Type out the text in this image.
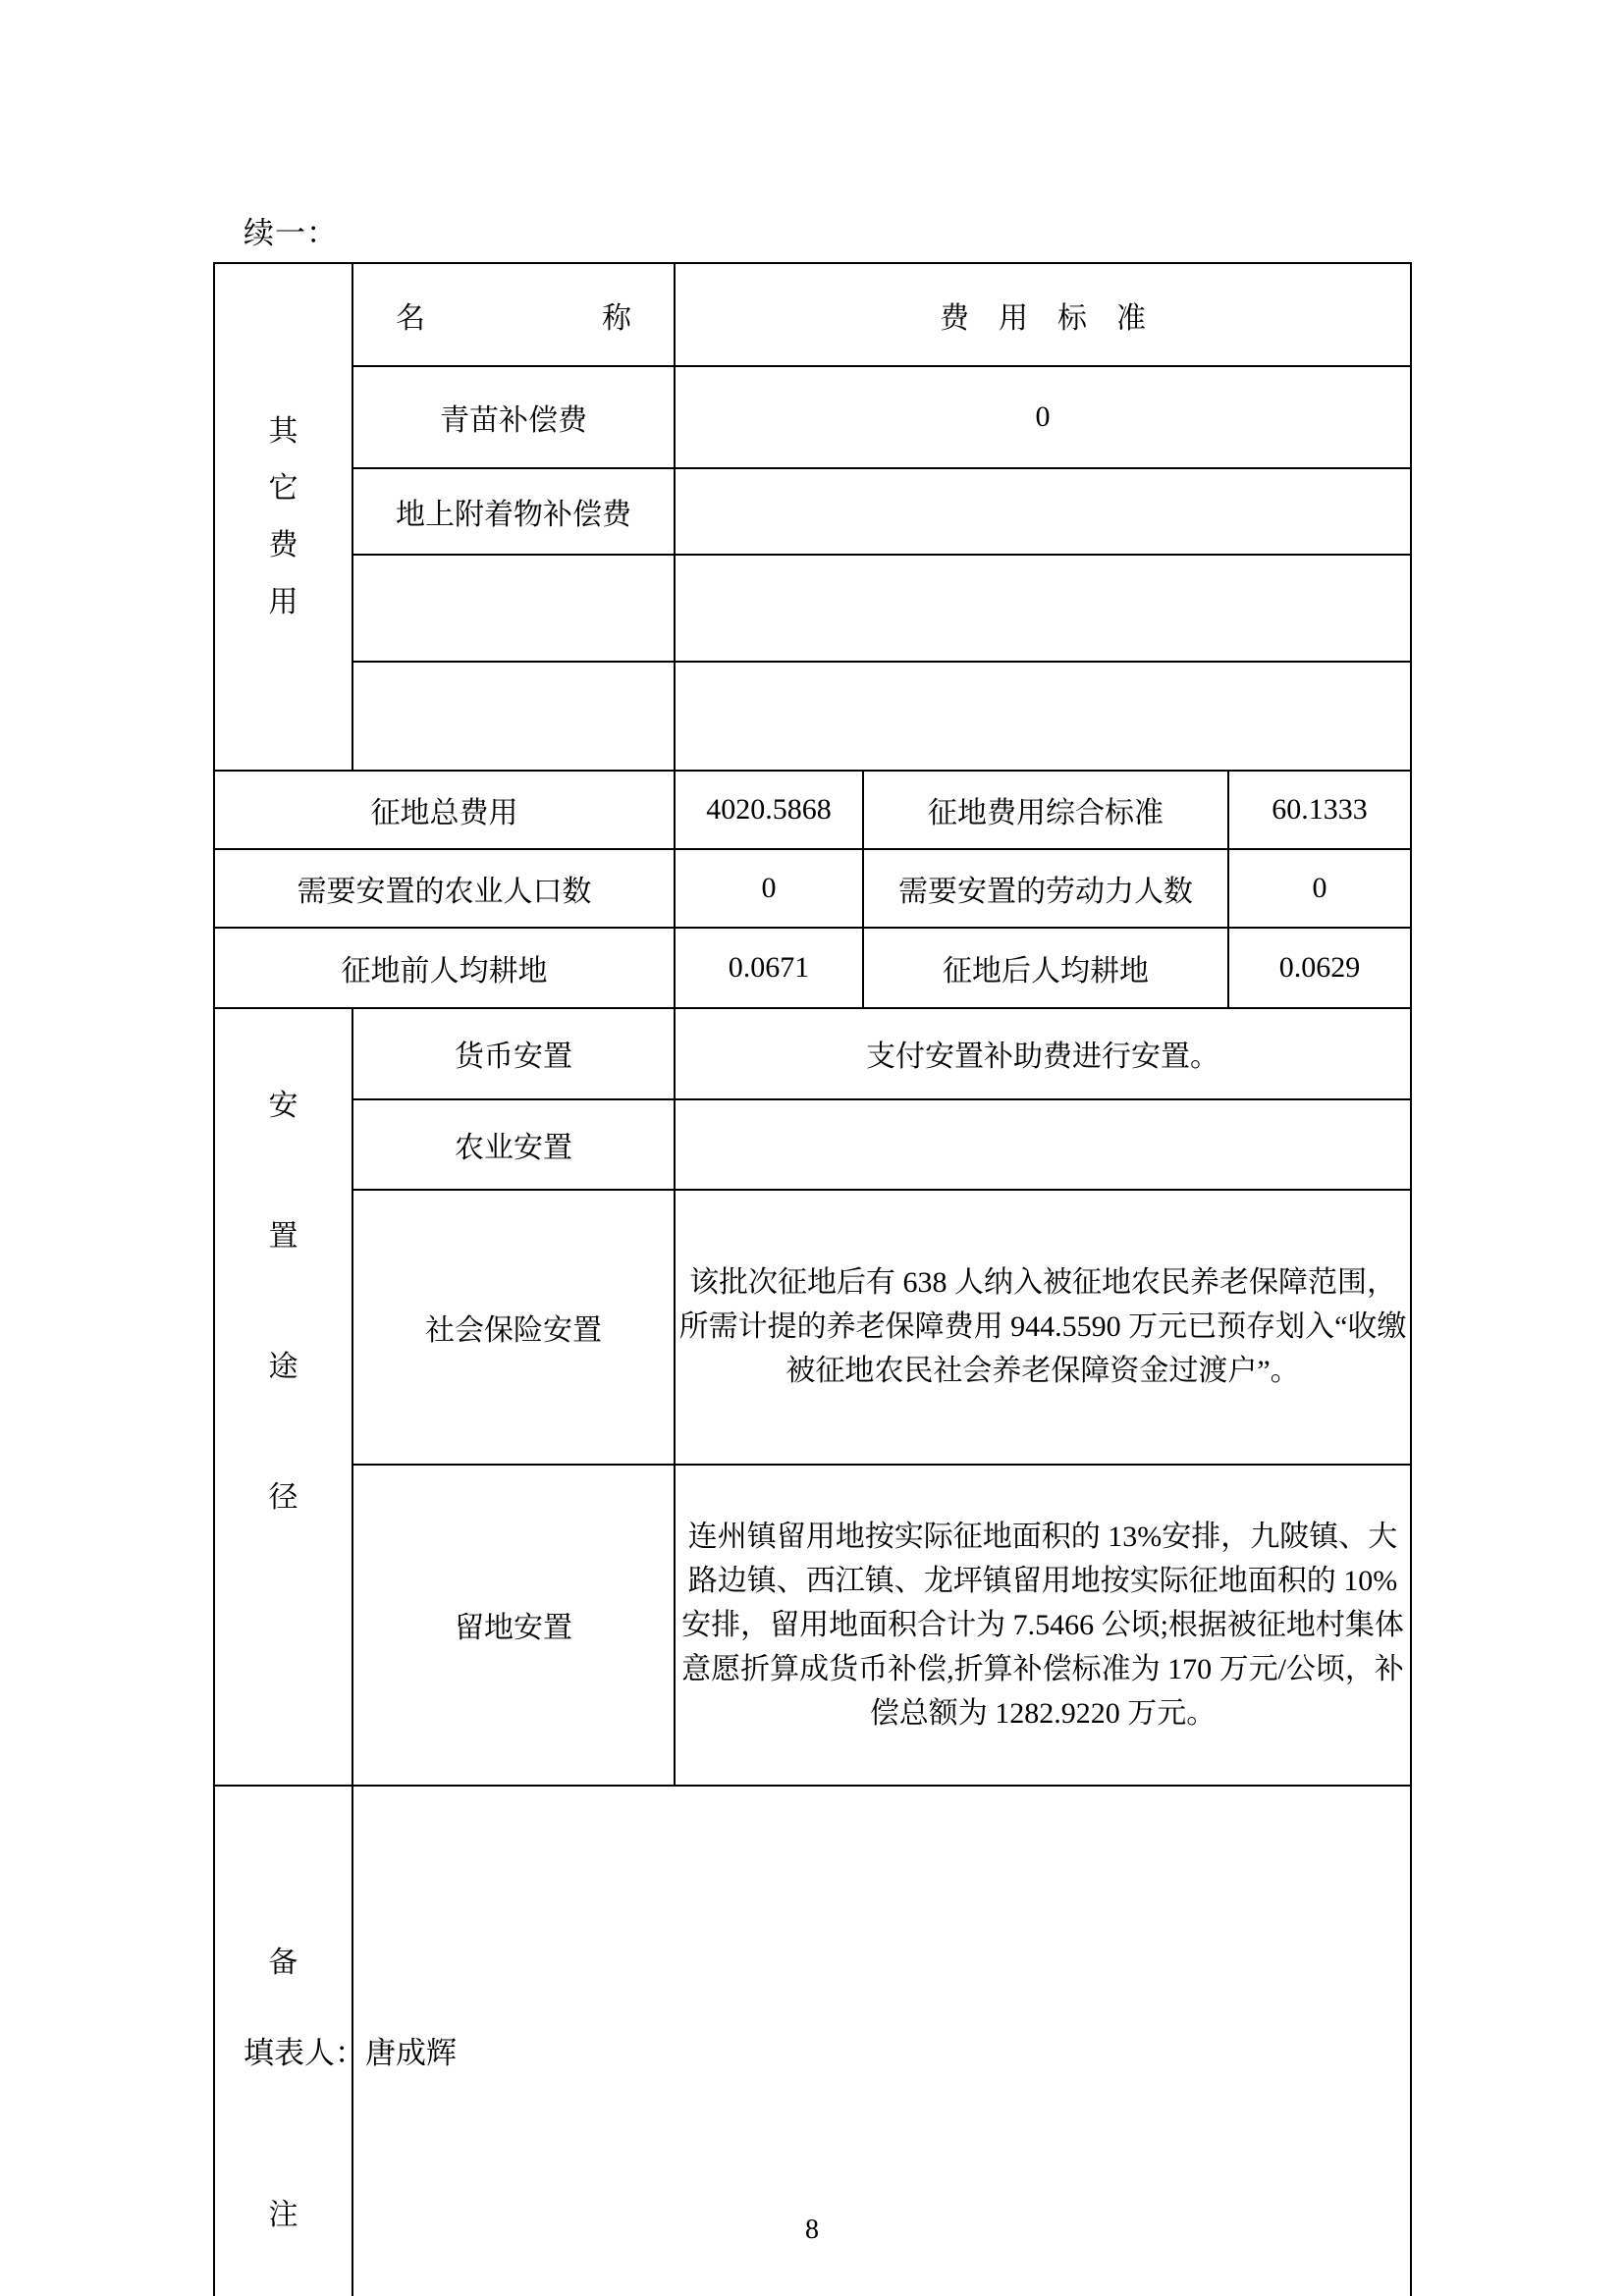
续一：

其
它
费
用	名　　　　　　称	费　用　标　准		
	青苗补偿费	0		
	地上附着物补偿费			

征地总费用		4020.5868	征地费用综合标准	60.1333
需要安置的农业人口数		0	需要安置的劳动力人数	0
征地前人均耕地		0.0671	征地后人均耕地	0.0629

安
置
途
径	货币安置	支付安置补助费进行安置。		
	农业安置			
	社会保险安置	该批次征地后有 638 人纳入被征地农民养老保障范围，所需计提的养老保障费用 944.5590 万元已预存划入“收缴被征地农民社会养老保障资金过渡户”。		
	留地安置	连州镇留用地按实际征地面积的 13%安排，九陂镇、大路边镇、西江镇、龙坪镇留用地按实际征地面积的 10%安排，留用地面积合计为 7.5466 公顷;根据被征地村集体意愿折算成货币补偿,折算补偿标准为 170 万元/公顷，补偿总额为 1282.9220 万元。		

备
注				

填表人：唐成辉
8
